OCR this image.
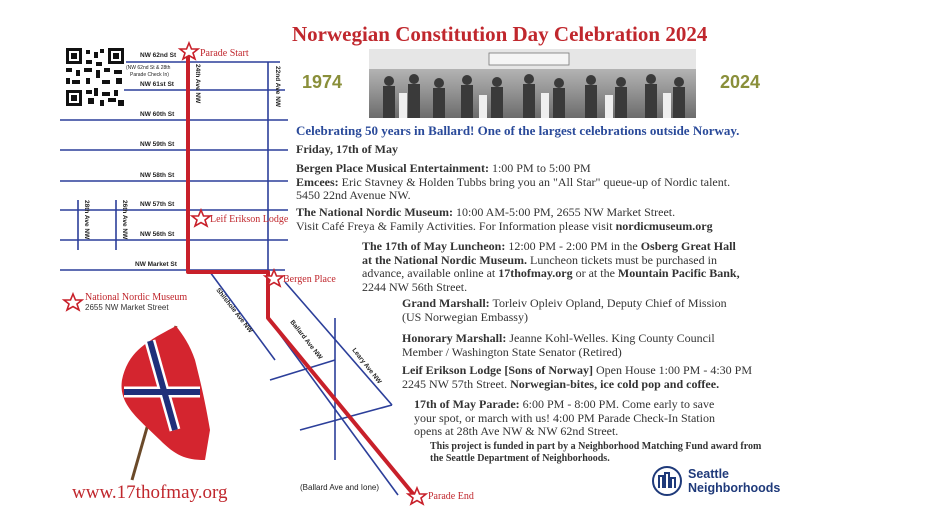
NW 62nd St
NW 61st St
NW 60th St
NW 59th St
NW 58th St
NW 57th St
NW 56th St
NW Market St
24th Ave NW	22nd Ave NW
28th Ave NW	26th Ave NW
Shilshole Ave NW
Ballard Ave NW
Leary Ave NW
(NW 62nd St & 28th
Parade Check In)
(Ballard Ave and Ione)
Parade Start
Leif Erikson Lodge
Bergen Place
National Nordic Museum
Parade End
2655 NW Market Street
Norwegian Constitution Day Celebration 2024
1974	2024
Celebrating 50 years in Ballard! One of the largest celebrations outside Norway.
Friday, 17th of May
Bergen Place Musical Entertainment: 1:00 PM to 5:00 PM
Emcees: Eric Stavney & Holden Tubbs bring you an "All Star" queue-up of Nordic talent.
5450 22nd Avenue NW.
The National Nordic Museum: 10:00 AM-5:00 PM, 2655 NW Market Street.
Visit Café Freya & Family Activities. For Information please visit nordicmuseum.org
The 17th of May Luncheon: 12:00 PM - 2:00 PM in the Osberg Great Hall
at the National Nordic Museum. Luncheon tickets must be purchased in
advance, available online at 17thofmay.org or at the Mountain Pacific Bank,
2244 NW 56th Street.
Grand Marshall: Torleiv Opleiv Opland, Deputy Chief of Mission
(US Norwegian Embassy)
Honorary Marshall: Jeanne Kohl-Welles. King County Council
Member / Washington State Senator (Retired)
Leif Erikson Lodge [Sons of Norway] Open House 1:00 PM - 4:30 PM
2245 NW 57th Street. Norwegian-bites, ice cold pop and coffee.
17th of May Parade: 6:00 PM - 8:00 PM. Come early to save
your spot, or march with us! 4:00 PM Parade Check-In Station
opens at 28th Ave NW & NW 62nd Street.
This project is funded in part by a Neighborhood Matching Fund award from
the Seattle Department of Neighborhoods.
Seattle
Neighborhoods
www.17thofmay.org
